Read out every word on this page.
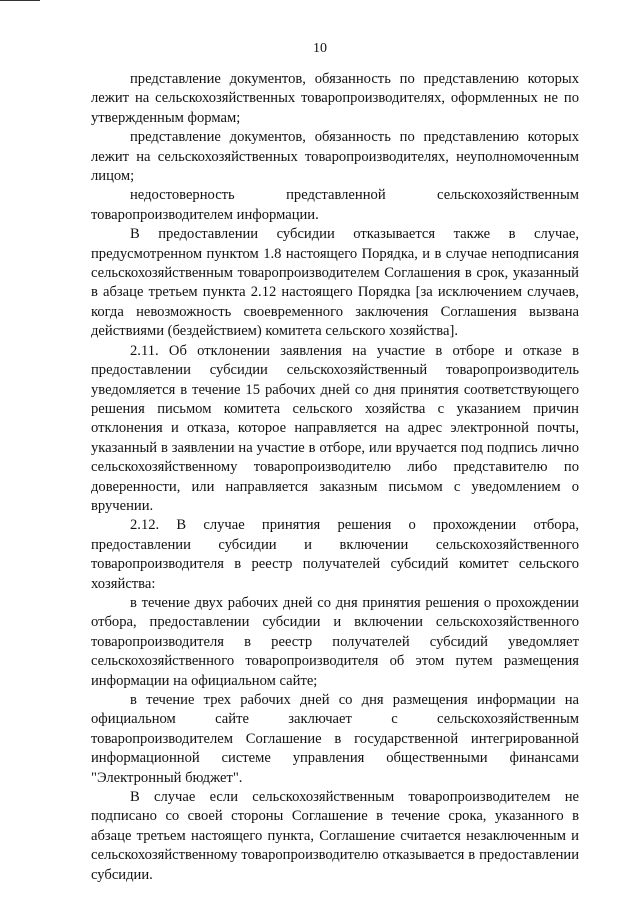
10

представление документов, обязанность по представлению которых лежит на сельскохозяйственных товаропроизводителях, оформленных не по утвержденным формам;

представление документов, обязанность по представлению которых лежит на сельскохозяйственных товаропроизводителях, неуполномоченным лицом;

недостоверность представленной сельскохозяйственным товаропроизводителем информации.

В предоставлении субсидии отказывается также в случае, предусмотренном пунктом 1.8 настоящего Порядка, и в случае неподписания сельскохозяйственным товаропроизводителем Соглашения в срок, указанный в абзаце третьем пункта 2.12 настоящего Порядка [за исключением случаев, когда невозможность своевременного заключения Соглашения вызвана действиями (бездействием) комитета сельского хозяйства].

2.11. Об отклонении заявления на участие в отборе и отказе в предоставлении субсидии сельскохозяйственный товаропроизводитель уведомляется в течение 15 рабочих дней со дня принятия соответствующего решения письмом комитета сельского хозяйства с указанием причин отклонения и отказа, которое направляется на адрес электронной почты, указанный в заявлении на участие в отборе, или вручается под подпись лично сельскохозяйственному товаропроизводителю либо представителю по доверенности, или направляется заказным письмом с уведомлением о вручении.

2.12. В случае принятия решения о прохождении отбора, предоставлении субсидии и включении сельскохозяйственного товаропроизводителя в реестр получателей субсидий комитет сельского хозяйства:

в течение двух рабочих дней со дня принятия решения о прохождении отбора, предоставлении субсидии и включении сельскохозяйственного товаропроизводителя в реестр получателей субсидий уведомляет сельскохозяйственного товаропроизводителя об этом путем размещения информации на официальном сайте;

в течение трех рабочих дней со дня размещения информации на официальном сайте заключает с сельскохозяйственным товаропроизводителем Соглашение в государственной интегрированной информационной системе управления общественными финансами "Электронный бюджет".

В случае если сельскохозяйственным товаропроизводителем не подписано со своей стороны Соглашение в течение срока, указанного в абзаце третьем настоящего пункта, Соглашение считается незаключенным и сельскохозяйственному товаропроизводителю отказывается в предоставлении субсидии.
